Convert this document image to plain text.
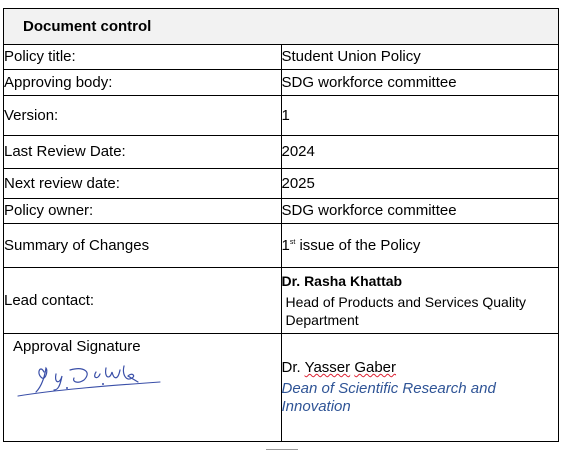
Document control	
Policy title:	Student Union Policy
Approving body:	SDG workforce committee
Version:	1
Last Review Date:	2024
Next review date:	2025
Policy owner:	SDG workforce committee
Summary of Changes	1st issue of the Policy
Lead contact:	Dr. Rasha Khattab
Head of Products and Services Quality Department

Approval Signature	Dr. Yasser Gaber
Dean of Scientific Research and Innovation
